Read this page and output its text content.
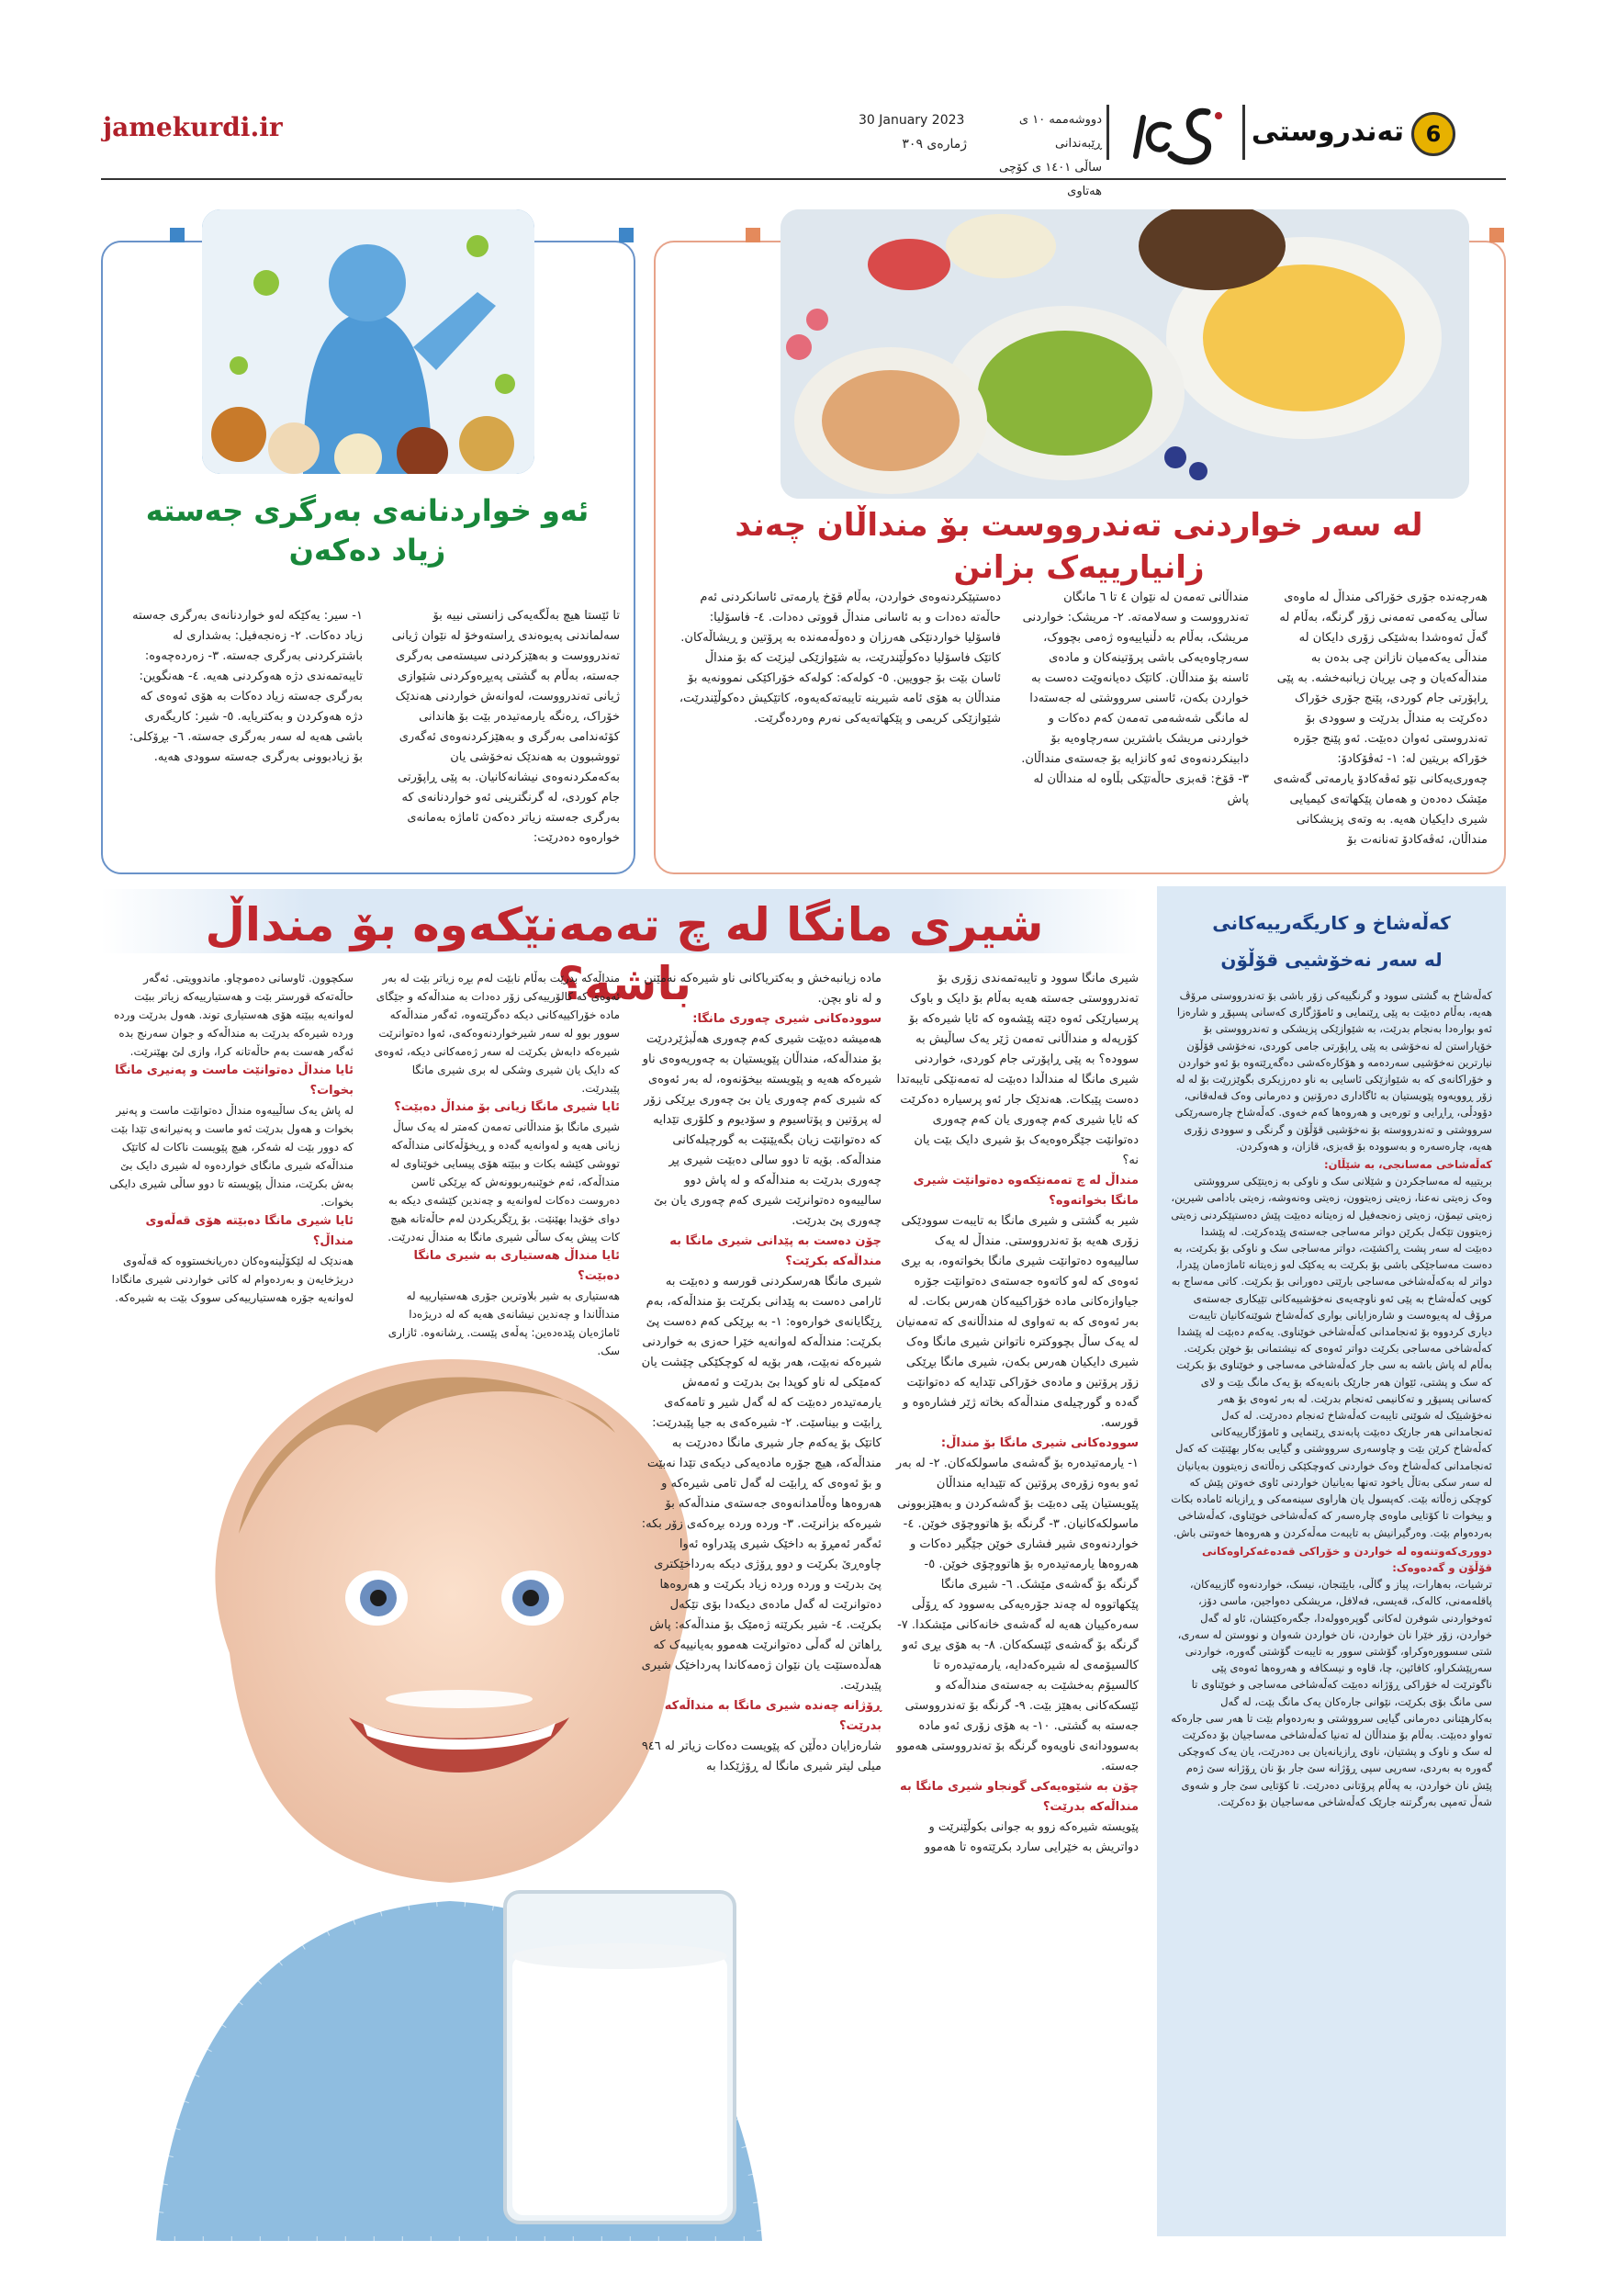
6
تەندروستی
دووشەممە ١٠ ی ڕێبەندانی
ساڵی ١٤٠١ ی کۆچی هەتاوی
30 January 2023
ژمارەی ٣٠٩
jamekurdi.ir
لە سەر خواردنی تەندرووست بۆ منداڵان چەند زانیارییەک بزانن
هەرچەندە جۆری خۆراکی منداڵ لە ماوەی ساڵی یەکەمی تەمەنی زۆر گرنگە، بەڵام لە گەڵ ئەوەشدا بەشێکی زۆری دایکان لە منداڵی یەکەمیان نازانن چی بدەن بە منداڵەکەیان و چی بڕیان زیانبەخشە. بە پێی ڕاپۆرتی جام کوردی، پێنج جۆری خۆراک دەکرێت بە منداڵ بدرێت و سوودی بۆ تەندروستی ئەوان دەبێت. ئەو پێنج جۆرە خۆراکە بریتین لە: ١- ئەڤۆکادۆ: چەوری‌یەکانی نێو ئەڤەکادۆ یارمەتی گەشەی مێشک دەدەن و هەمان پێکهاتەی کیمیایی شیری دایکیان هەیە. بە وتەی پزیشکانی منداڵان، ئەڤەکادۆ تەنانەت بۆ
منداڵانی تەمەن لە نێوان ٤ تا ٦ مانگان تەندرووست و سەلامەتە. ٢- مریشک: خواردنی مریشک، بەڵام بە دڵنیاییەوە ژەمی بچووک، سەرچاوەیەکی باشی پرۆتینەکان و مادەی ئاسنە بۆ منداڵان. کاتێک دەیانەوێت دەست بە خواردن بکەن، ئاسنی سرووشتی لە جەستەدا لە مانگی شەشەمی تەمەن کەم دەکات و خواردنی مریشک باشترین سەرچاوەیە بۆ دابینکردنەوەی ئەو کانزایە بۆ جەستەی منداڵان. ٣- قۆخ: قەبزی حاڵەتێکی بڵاوە لە منداڵان لە پاش
دەستپێکردنەوەی خواردن، بەڵام قۆخ یارمەتی ئاسانکردنی ئەم حاڵەتە دەدات و بە ئاسانی منداڵ قووتی دەدات. ٤- فاسۆلیا: فاسۆلیا خواردنێکی هەرزان و دەوڵەمەندە بە پرۆتین و ڕیشاڵەکان. کاتێک فاسۆلیا دەکوڵێندرێت، بە شێوازێکی لیزێت کە بۆ منداڵ ئاسان بێت بۆ جوویین. ٥- کولەکە: کولەکە خۆراکێکی نموونەیە بۆ منداڵان بە هۆی ئامە شیرینە تایبەتەکەیەوە، کاتێکیش دەکوڵێندرێت، شێوازێکی کریمی و پێکهاتەیەکی نەرم وەردەگرێت.
ئەو خواردنانەی بەرگری جەستە
زیاد دەکەن
تا ئێستا هیچ بەڵگەیەکی زانستی نییە بۆ سەلماندنی پەیوەندی ڕاستەوخۆ لە نێوان ژیانی تەندرووست و بەهێزکردنی سیستەمی بەرگری جەستە، بەڵام بە گشتی پەیڕەوکردنی شێوازی ژیانی تەندرووست، لەوانەش خواردنی هەندێک خۆراک، ڕەنگە یارمەتیدەر بێت بۆ هاندانی کۆئەندامی بەرگری و بەهێزکردنەوەی ئەگەری تووشبوون بە هەندێک نەخۆشی یان بەکەمکردنەوەی نیشانەکانیان. بە پێی ڕاپۆرتی جام کوردی، لە گرنگترینی ئەو خواردنانەی کە بەرگری جەستە زیاتر دەکەن ئاماژە بەمانەی خوارەوە دەدرێت:
١- سیر: یەکێکە لەو خواردنانەی بەرگری جەستە زیاد دەکات. ٢- زەنجەفیل: بەشداری لە باشترکردنی بەرگری جەستە. ٣- زەردەچەوە: تایبەتمەندی دژە هەوکردنی هەیە. ٤- هەنگوین: بەرگری جەستە زیاد دەکات بە هۆی ئەوەی کە دژە هەوکردن و بەکتریایە. ٥- شیر: کاریگەری باشی هەیە لە سەر بەرگری جەستە. ٦- بڕۆکلی: بۆ زیادبوونی بەرگری جەستە سوودی هەیە.
کەڵەشاخ و کاریگەرییەکانی
لە سەر نەخۆشیی قۆڵۆن

کەڵەشاخ بە گشتی سوود و گرنگییەکی زۆر باشی بۆ تەندرووستی مرۆڤ هەیە، بەڵام دەبێت بە پێی ڕێنمایی و ئامۆژگاری کەسانی پسپۆڕ و شارەزا ئەو بوارەدا بەنجام بدرێت، بە شێوازێکی پزیشکی و تەندرووستی بۆ خۆپاراستن لە نەخۆشی بە پێی ڕاپۆرتی جامی کوردی، نەخۆشی قۆڵۆن نیارترین نەخۆشیی سەردەمە و هۆکارەکەشی دەگەڕێتەوە بۆ ئەو خواردن و خۆراکانەی کە بە شێوازێکی ئاسایی بە ناو دەرزیکری بگوێزرێت بۆ لە لە زۆر ڕوویەوە پێویستیان بە ئاگاداری دەرۆنین و دەرمانی وەک قەلەقانی، دۆودڵی، ڕاڕایی و تورەیی و هەروەها کەم خەوی. کەڵەشاخ چارەسەرێکی سرووشتی و تەندرووستە بۆ نەخۆشیی قۆڵۆن و گرنگی و سوودی زۆری هەیە، چارەسەرە و بەسوودە بۆ قەبزی، قازان، و هەوکردن.

کەڵەشاخی مەسانجی، بە شێڵان:

بریتییە لە مەساجکردن و شێلانی سک و ناوکی بە زەیتێکی سرووشتی وەک زەیتی نەعنا، زەیتی زەیتوون، زەیتی وەنەوشە، زەیتی بادامی شیرین، زەیتی تیمۆن، زەیتی زەنجەفیل لە زەیتانە دەبێت پێش دەستپێکردنی زەیتی زەیتوون تێکەل بکرێن دواتر مەساجی جەستەی پێدەکرێت. لە پێشدا دەبێت لە سەر پشت ڕاکشێت، دواتر مەساجی سک و ناوکی بۆ بکرێت، بە دەست مەساجێکی باشی بۆ بکرێت بە یەکێک لەو زەیتانە ئاماژەمان پێدرا، دواتر لە بەکەڵەشاخی مەساجی بارێتی دەورانی بۆ بکرێت. کاتی مەساج بە کوپی کەڵەشاخ بە پێی ئەو ناوچەیەی نەخۆشییەکانی تێیکاری جەستەی مرۆڤ لە پەیوەست و شارەزایانی بواری کەڵەشاخ شوێنەکانیان تایبەت دیاری کردووە بۆ ئەنجامدانی کەڵەشاخی خوێناوی. یەکەم دەبێت لە پێشدا کەڵەشاخی مەساجی بکرێت دواتر ئەوەی کە نیشتمانی بۆ خوێن بکرێت. بەڵام لە پاش باشە بە سی جار کەڵەشاخی مەساجی و خوێناوی بۆ بکرێت کە سک و پشتی، ئێوان هەر جارێک بانەیەکە بۆ یەک مانگ بێت و لای کەسانی پسپۆڕ و تەکانیمی ئەنجام بدرێت. لە بەر ئەوەی بۆ هەر نەخۆشیێک لە شوێنی تایبەت کەڵەشاخ ئەنجام دەدرێت. لە کەل ئەنجامدانی هەر جارێک دەبێت پابەندی ڕێنمایی و ئامۆژگارییەکانی کەڵەشاخ کرێن بێت و چاوسەری سرووشتی و گیایی بەکار بهێنێت کە کەل ئەنجامدانی کەڵەشاخ وەک خواردنی کەوچکێکی زەڵاتەی زەیتوون بەیانیان لە سەر سکی بەتاڵ یاخود تەنها بەیانیان خواردنی ئاوی خەوتن پێش کە کوچکی زەڵاتە بێت. کەپسول یان هاراوی سینەمەکی و ڕازیانە ئامادە بکات و بیخوات تا کۆتایی ماوەی چارەسەر کە کەڵەشاخی خوێناوی، کەڵەشاخی بەردەوام بێت. وەرگیرانیش بە تایبەت مەڵەکردن و هەروەها خەوتنی باش.

دووری‌کەوتنەوە لە خواردن و خۆراکی قەدەغەکراوەکانی قۆڵۆن و گەدەوەک:

ترشیات، بەهارات، پیاز و گاڵی، بایێنجان، نیسک، خواردنەوە گازییەکان، پاقلەمەنی، کالەک، قەیسی، فەلافل، مریشکی دەواجین، ماسی دۆز، ئەوخواردنی شوفرن لەکانی گوپرەوولەدا، جگەرەکێشان، ئاو لە گەل خواردن، زۆر خێرا نان خواردن، نان خواردن شەوان و نووستن لە سەری، شتی سسوورەوکراو، گۆشتی سوور بە تایبەت گۆشتی گەورە، خواردنی سەرپێشکراو، کافائین، چا، قاوە و نیسکافە و هەروەها ئەوەی پێی ناگوترێت لە خۆراکی ڕۆژانە دەبێت کەڵەشاخی مەساجی و خوێناوی تا سی مانگ بۆی بکرێت، نێوانی جارەکان یەک مانگ بێت، لە گەل بەکارهێنانی دەرمانی گیایی سرووشتی و بەردەوام بێت تا هەر سی جارەکە تەواو دەبێت. بەڵام بۆ منداڵان لە تەنیا کەڵەشاخی مەساجیان بۆ دەکرێت لە سک و ناوک و پشتیان، ناوی ڕازیانەیان بی دەدرێت، یان یەک کەوچکی گەورە بە بەردی، سەرپی سپی ڕۆژانە سێ جار بۆ نان ڕۆژانە سێ ژەم پێش نان خواردن، بە پەڵام پرۆتانی دەدرێت. تا کۆتایی سێ جار و شەوی شەڵ تەمپی بەرگرتنە جارێک کەڵەشاخی مەساجیان بۆ دەکرێت.

شیری مانگا لە چ تەمەنێکەوە بۆ منداڵ باشە؟	شیری مانگا سوود و تایبەتمەندی زۆری بۆ تەندرووستی جەستە هەیە بەڵام بۆ دایک و باوک پرسیارێکی ئەوە دێتە پێشەوە کە ئایا شیرەکە بۆ کۆرپەلە و منداڵانی تەمەن ژێر یەک ساڵیش بە سوودە؟ بە پێی ڕاپۆرتی جام کوردی، خواردنی شیری مانگا لە منداڵدا دەبێت لە تەمەنێکی تایبەتدا دەست پێبکات. هەندێک جار ئەو پرسیارە دەکرێت کە ئایا شیری کەم چەوری یان کەم چەوری دەتوانێت جێگرەوەیەک بۆ شیری دایک بێت یان نە؟

منداڵ لە چ تەمەنێکەوە دەتوانێت شیری مانگا بخواتەوە؟

شیر بە گشتی و شیری مانگا بە تایبەت سوودێکی زۆری هەیە بۆ تەندرووستی. منداڵ لە یەک سالییەوە دەتوانێت شیری مانگا بخواتەوە، بە بڕی ئەوەی کە لەو کاتەوە جەستەی دەتوانێت جۆرە جیاوازەکانی مادە خۆراکییەکان هەرس بکات. لە بەر ئەوەی کە بە تەواوی لە منداڵانەی کە تەمەنیان لە یەک ساڵ بچووکترە ناتوانن شیری مانگا وەک شیری دایکیان هەرس بکەن، شیری مانگا بڕێکی زۆر پرۆتین و مادەی خۆراکی تێدایە کە دەتوانێت گەدە و گورچیلەی منداڵەکە بخاتە ژێر فشارەوە و قورسە.

سوودەکانی شیری مانگا بۆ منداڵ:

١- یارمەتیدەرە بۆ گەشەی ماسولکەکان. ٢- لە بەر ئەو بەوە زۆرەی پرۆتین کە تێیدایە منداڵان پێویستیان پێی دەبێت بۆ گەشەکردن و بەهێزبوونی ماسولکەکانیان. ٣- گرنگە بۆ هاتووچۆی خوێن. ٤- خواردنەوەی شیر فشاری خوێن جێگیر دەکات و هەروەها یارمەتیدەرە بۆ هاتووچۆی خوێن. ٥- گرنگە بۆ گەشەی مێشک. ٦- شیری مانگا پێکهاتووە لە چەند جۆرەیەکی بەسوود کە ڕۆڵی سەرەکییان هەیە لە گەشەی خانەکانی مێشکدا. ٧- گرنگە بۆ گەشەی ئێسکەکان. ٨- بە هۆی بڕی ئەو کالسیۆمەی لە شیرەکەدایە، یارمەتیدەرە تا کالسیۆم بەخشێت بە جەستەی منداڵەکە و ئێسکەکانی بەهێز بێت. ٩- گرنگە بۆ تەندرووستی جەستە بە گشتی. ١٠- بە هۆی زۆری ئەو مادە بەسوودانەی ناویەوە گرنگە بۆ تەندرووستی هەموو جەستە.

چۆن بە شێوەیەکی گونجاو شیری مانگا بە منداڵەکە بدرێت؟

پێویستە شیرەکە زوو بە جوانی بکوڵێنرێت و دواتریش بە خێرایی سارد بکرێتەوە تا هەموو

مادە زیانبەخش و بەکتریاکانی ناو شیرەکە نەمێنن و لە ناو بچن.

سوودەکانی شیری چەوری مانگا:

هەمیشە دەبێت شیری کەم چەوری هەڵبژێردرێت بۆ منداڵەکە، منداڵان پێویستیان بە چەوریەوەی ناو شیرەکە هەیە و پێویستە بیخۆنەوە، لە بەر ئەوەی کە شیری کەم چەوری یان بێ چەوری بڕێکی زۆر لە پرۆتین و پۆتاسیوم و سۆدیوم و کلۆری تێدایە کە دەتوانێت زیان بگەیێنێت بە گورچیلەکانی منداڵەکە. بۆیە تا دوو سالی دەبێت شیری پڕ چەوری بدرێت بە منداڵەکە و لە پاش دوو سالییەوە دەتوانرێت شیری کەم چەوری یان بێ چەوری پێ بدرێت.

چۆن دەست بە پێدانی شیری مانگا بە منداڵەکە بکرێت؟

شیری مانگا هەرسکردنی قورسە و دەبێت بە ئارامی دەست بە پێدانی بکرێت بۆ منداڵەکە، بەم ڕێگایانەی خوارەوە: ١- بە بڕێکی کەم دەست پێ بکرێت: منداڵەکە لەوانەیە خێرا حەزی بە خواردنی شیرەکە نەبێت، هەر بۆیە لە کوچکێکی چێشت یان کەمێکی لە ناو کوپدا بێ بدرێت و ئەمەش یارمەتیدەر دەبێت کە لە گەل شیر و تامەکەی ڕابێت و بیناسێت. ٢- شیرەکەی بە جیا پێبدرێت: کاتێک بۆ یەکەم جار شیری مانگا دەدرێت بە منداڵەکە، هیچ جۆرە مادەیەکی دیکەی تێدا نەبێت و بۆ ئەوەی کە ڕابێت لە گەل تامی شیرەکە و هەروەها وەڵامدانەوەی جەستەی منداڵەکە بۆ شیرەکە بزانرێت. ٣- ورده ورده بڕەکەی زۆر بکە: ئەگەر ئەمڕۆ بە داخێک شیری پێدراوە ئەوا چاوەڕێ بکرێت و دوو ڕۆژی دیکە بەرداخێکتری پێ بدرێت و ورده ورده زیاد بکرێت و هەروەها دەتوانرێت لە گەل مادەی دیکەدا بۆی تێکەل بکرێت. ٤- شیر بکرێتە ژەمێک بۆ منداڵەکە: پاش ڕاهاتن لە گەڵی دەتوانرێت هەموو بەیانییەک کە هەڵدەستێت یان نێوان ژەمەکاندا پەرداخێک شیری پێبدرێت.

ڕۆژانە چەندە شیری مانگا بە منداڵەکە بدرێت؟

شارەزایان دەڵێن کە پێویست دەکات زیاتر لە ٩٤٦ میلی لیتر شیری مانگا لە ڕۆژێکدا بە

منداڵەکە بدرێت بەڵام نابێت لەم بڕە زیاتر بێت لە بەر ئەوەی کە کالۆرییەکی زۆر دەدات بە منداڵەکە و جێگای مادە خۆراکییەکانی دیکە دەگرێتەوە، ئەگەر منداڵەکە سوور بوو لە سەر شیرخواردنەوەکەی، ئەوا دەتوانرێت شیرەکە دابەش بکرێت لە سەر ژەمەکانی دیکە، ئەوەی کە دایک یان شیری وشکی لە بری شیری مانگا پێبدرێت.

ئایا شیری مانگا زیانی بۆ منداڵ دەبێت؟

شیری مانگا بۆ منداڵانی تەمەن کەمتر لە یەک ساڵ زیانی هەیە و لەوانەیە گەدە و ڕیخۆڵەکانی منداڵەکە تووشی کێشە بکات و ببێتە هۆی پیسایی خوێناوی لە منداڵەکە، ئەم خوێنبەربوونەش کە بڕێکی ئاسن دەروست دەکات لەوانەیە و چەندین کێشەی دیکە بە دوای خۆیدا بهێنێت. بۆ ڕێگریکردن لەم حاڵەتانە هیچ کات پیش یەک ساڵی شیری مانگا بە منداڵ نەدرێت.

ئایا منداڵ هەستیاری بە شیری مانگا دەبێت؟

هەستیاری بە شیر بلاوترین جۆری هەستیارییە لە منداڵاندا و چەندین نیشانەی هەیە کە لە دریژەدا ئاماژەیان پێدەدەین: پەڵەی پێست. ڕشانەوە. ئازاری سک.

سکچوون. ئاوسانی دەموچاو. ماندوویتی. ئەگەر حاڵەتەکە قورستر بێت و هەستیارییەکە زیاتر ببێت لەوانەیە ببێتە هۆی هەستیاری توند. هەول بدرێت وردە وردە شیرەکە بدرێت بە منداڵەکە و جوان سەرنج بدە ئەگەر هەست بەم حاڵەتانە کرا، وازی لێ بهێنرێت.

ئایا منداڵ دەتوانێت ماست و پەنیری مانگا بخوات؟

لە پاش یەک ساڵییەوە منداڵ دەتوانێت ماست و پەنیر بخوات و هەول بدرێت ئەو ماست و پەنیرانەی تێدا بێت کە دوور بێت لە شەکر، هیچ پێویست ناکات لە کاتێک منداڵەکە شیری مانگای خواردەوە لە شیری دایک بێ بەش بکرێت، منداڵ پێویستە تا دوو ساڵی شیری دایکی بخوات.

ئایا شیری مانگا دەبێتە هۆی قەڵەوی منداڵ؟

هەندێک لە لێکۆڵینەوەکان دەریانخستووە کە قەڵەوی دریژخایەن و بەردەوام لە کاتی خواردنی شیری مانگادا لەوانەیە جۆرە هەستیارییەکی سووک بێت بە شیرەکە.
